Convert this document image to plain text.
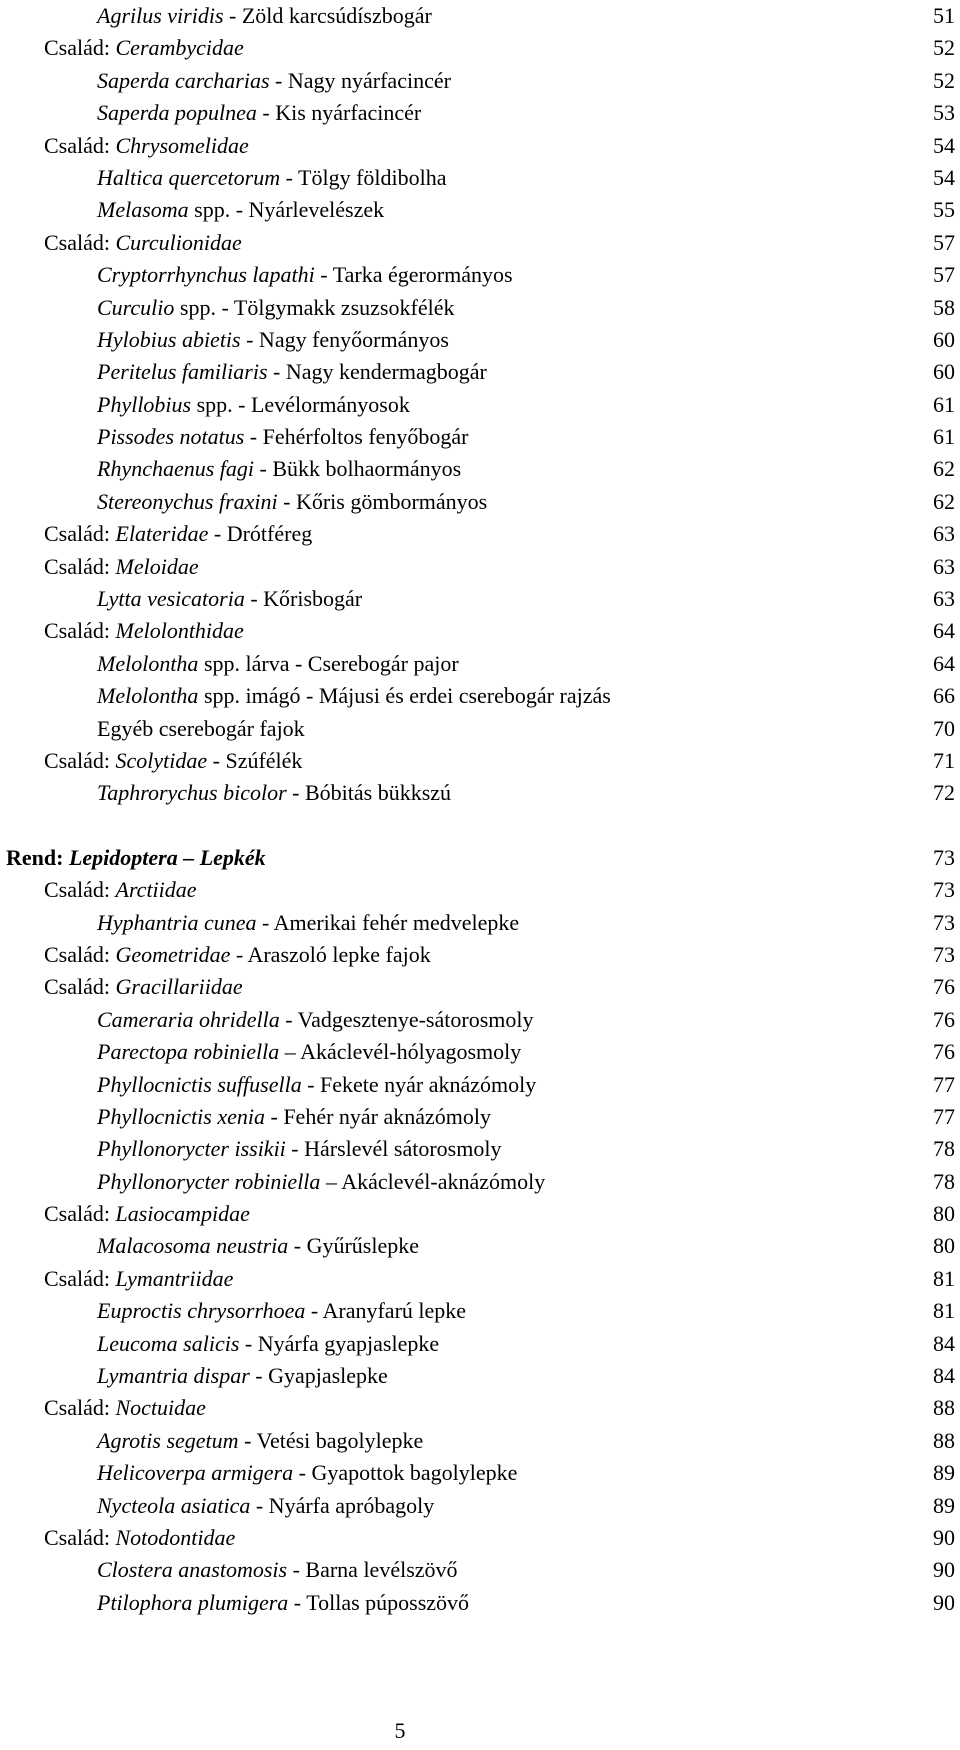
Agrilus viridis - Zöld karcsúdíszbogár	51
Család: Cerambycidae	52
Saperda carcharias - Nagy nyárfacincér	52
Saperda populnea - Kis nyárfacincér	53
Család: Chrysomelidae	54
Haltica quercetorum - Tölgy földibolha	54
Melasoma spp. - Nyárlevelészek	55
Család: Curculionidae	57
Cryptorrhynchus lapathi - Tarka égerormányos	57
Curculio spp. - Tölgymakk zsuzsokfélék	58
Hylobius abietis - Nagy fenyőormányos	60
Peritelus familiaris - Nagy kendermagbogár	60
Phyllobius spp. - Levélormányosok	61
Pissodes notatus - Fehérfoltos fenyőbogár	61
Rhynchaenus fagi - Bükk bolhaormányos	62
Stereonychus fraxini - Kőris gömbormányos	62
Család: Elateridae - Drótféreg	63
Család: Meloidae	63
Lytta vesicatoria - Kőrisbogár	63
Család: Melolonthidae	64
Melolontha spp. lárva - Cserebogár pajor	64
Melolontha spp. imágó - Májusi és erdei cserebogár rajzás	66
Egyéb cserebogár fajok	70
Család: Scolytidae - Szúfélék	71
Taphrorychus bicolor - Bóbitás bükkszú	72
Rend: Lepidoptera – Lepkék	73
Család: Arctiidae	73
Hyphantria cunea - Amerikai fehér medvelepke	73
Család: Geometridae - Araszoló lepke fajok	73
Család: Gracillariidae	76
Cameraria ohridella - Vadgesztenye-sátorosmoly	76
Parectopa robiniella – Akáclevél-hólyagosmoly	76
Phyllocnictis suffusella - Fekete nyár aknázómoly	77
Phyllocnictis xenia - Fehér nyár aknázómoly	77
Phyllonorycter issikii - Hárslevél sátorosmoly	78
Phyllonorycter robiniella – Akáclevél-aknázómoly	78
Család: Lasiocampidae	80
Malacosoma neustria - Gyűrűslepke	80
Család: Lymantriidae	81
Euproctis chrysorrhoea - Aranyfarú lepke	81
Leucoma salicis - Nyárfa gyapjaslepke	84
Lymantria dispar - Gyapjaslepke	84
Család: Noctuidae	88
Agrotis segetum - Vetési bagolylepke	88
Helicoverpa armigera - Gyapottok bagolylepke	89
Nycteola asiatica - Nyárfa apróbagoly	89
Család: Notodontidae	90
Clostera anastomosis - Barna levélszövő	90
Ptilophora plumigera - Tollas púposszövő	90
5
